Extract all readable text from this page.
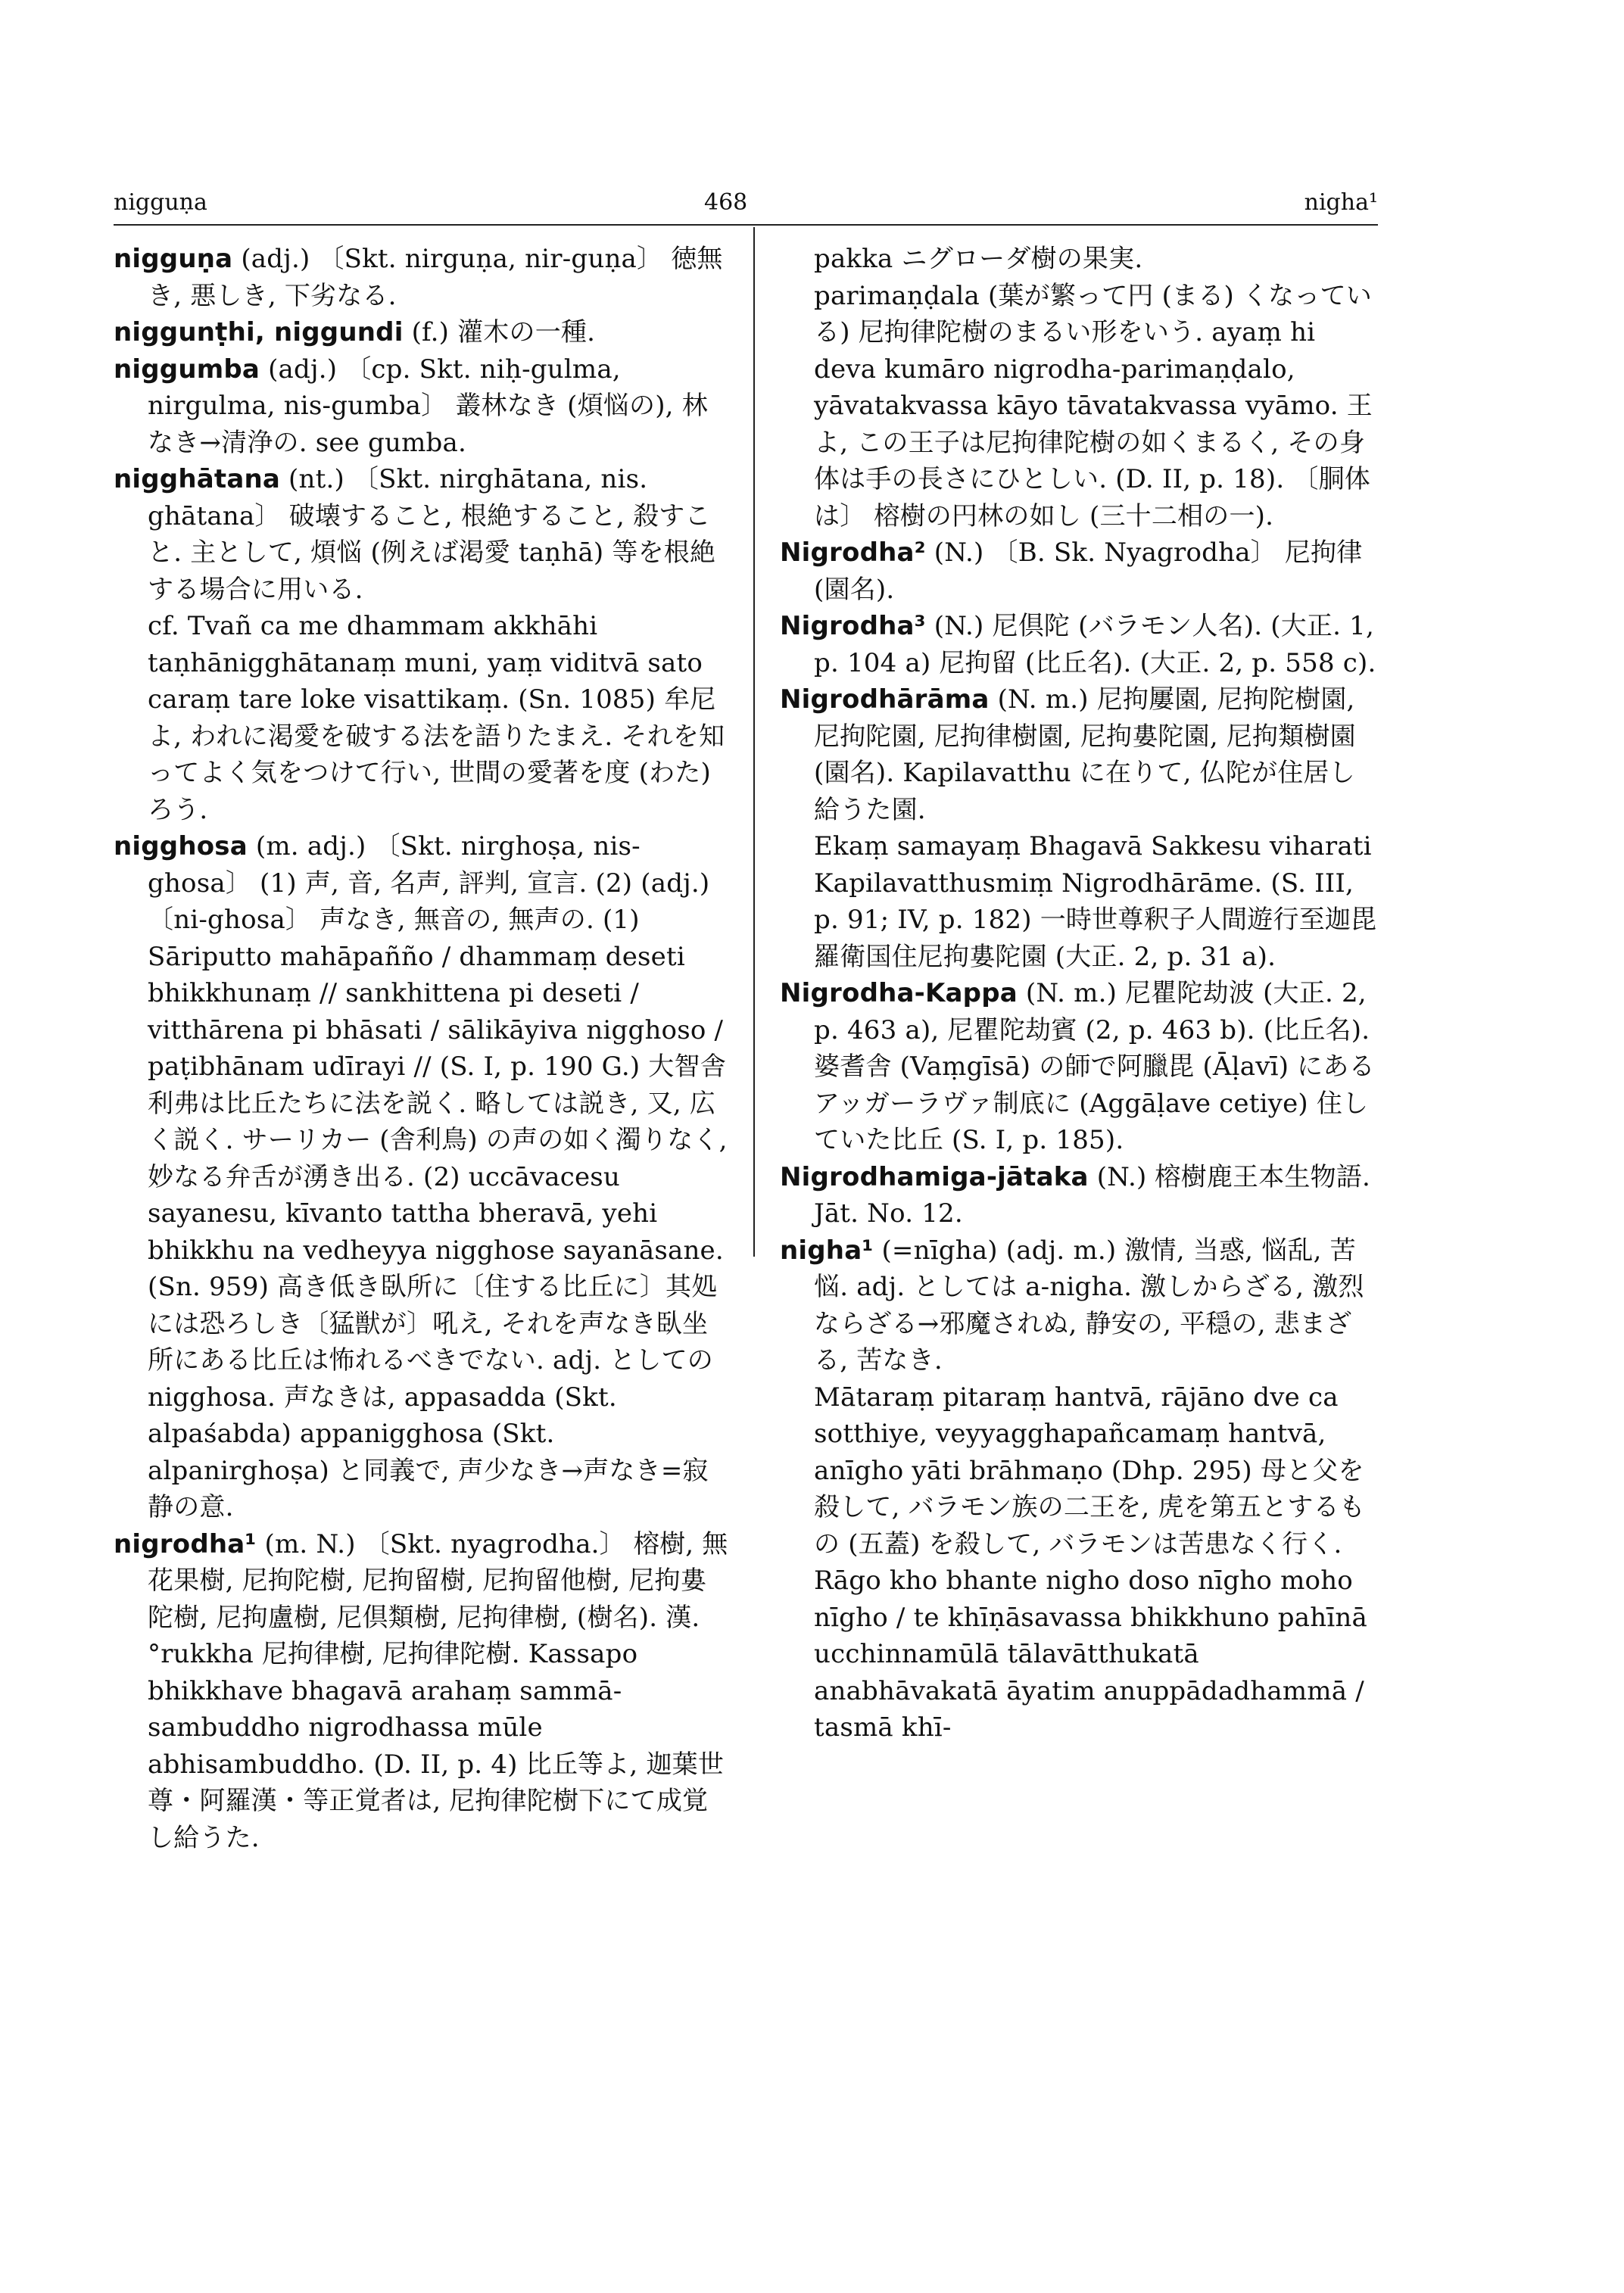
nigguṇa	468	nigha¹

nigguṇa (adj.) 〔Skt. nirguṇa, nir-guṇa〕 徳無き, 悪しき, 下劣なる.

niggunṭhi, niggundi (f.) 灌木の一種.

niggumba (adj.) 〔cp. Skt. niḥ-gulma, nirgulma, nis-gumba〕 叢林なき (煩悩の), 林なき→清浄の. see gumba.

nigghātana (nt.) 〔Skt. nirghātana, nis. ghātana〕 破壊すること, 根絶すること, 殺すこと. 主として, 煩悩 (例えば渇愛 taṇhā) 等を根絶する場合に用いる.

cf. Tvañ ca me dhammam akkhāhi taṇhānigghātanaṃ muni, yaṃ viditvā sato caraṃ tare loke visattikaṃ. (Sn. 1085) 牟尼よ, われに渇愛を破する法を語りたまえ. それを知ってよく気をつけて行い, 世間の愛著を度 (わた) ろう.

nigghosa (m. adj.) 〔Skt. nirghoṣa, nis-ghosa〕 (1) 声, 音, 名声, 評判, 宣言. (2) (adj.) 〔ni-ghosa〕 声なき, 無音の, 無声の. (1) Sāriputto mahāpañño / dhammaṃ deseti bhikkhunaṃ // sankhittena pi deseti / vitthārena pi bhāsati / sālikāyiva nigghoso / paṭibhānam udīrayi // (S. I, p. 190 G.) 大智舎利弗は比丘たちに法を説く. 略しては説き, 又, 広く説く. サーリカー (舎利鳥) の声の如く濁りなく, 妙なる弁舌が湧き出る. (2) uccāvacesu sayanesu, kīvanto tattha bheravā, yehi bhikkhu na vedheyya nigghose sayanāsane. (Sn. 959) 高き低き臥所に〔住する比丘に〕其処には恐ろしき〔猛獣が〕吼え, それを声なき臥坐所にある比丘は怖れるべきでない. adj. としての nigghosa. 声なきは, appasadda (Skt. alpaśabda) appanigghosa (Skt. alpanirghoṣa) と同義で, 声少なき→声なき=寂静の意.

nigrodha¹ (m. N.) 〔Skt. nyagrodha.〕 榕樹, 無花果樹, 尼拘陀樹, 尼拘留樹, 尼拘留他樹, 尼拘婁陀樹, 尼拘盧樹, 尼倶類樹, 尼拘律樹, (樹名). 漢. °rukkha 尼拘律樹, 尼拘律陀樹. Kassapo bhikkhave bhagavā arahaṃ sammā-sambuddho nigrodhassa mūle abhisambuddho. (D. II, p. 4) 比丘等よ, 迦葉世尊・阿羅漢・等正覚者は, 尼拘律陀樹下にて成覚し給うた.

pakka ニグローダ樹の果実.

parimaṇḍala (葉が繁って円 (まる) くなっている) 尼拘律陀樹のまるい形をいう. ayaṃ hi deva kumāro nigrodha-parimaṇḍalo, yāvatakvassa kāyo tāvatakvassa vyāmo. 王よ, この王子は尼拘律陀樹の如くまるく, その身体は手の長さにひとしい. (D. II, p. 18). 〔胴体は〕 榕樹の円林の如し (三十二相の一).

Nigrodha² (N.) 〔B. Sk. Nyagrodha〕 尼拘律 (園名).

Nigrodha³ (N.) 尼倶陀 (バラモン人名). (大正. 1, p. 104 a) 尼拘留 (比丘名). (大正. 2, p. 558 c).

Nigrodhārāma (N. m.) 尼拘屢園, 尼拘陀樹園, 尼拘陀園, 尼拘律樹園, 尼拘婁陀園, 尼拘類樹園 (園名). Kapilavatthu に在りて, 仏陀が住居し給うた園.

Ekaṃ samayaṃ Bhagavā Sakkesu viharati Kapilavatthusmiṃ Nigrodhārāme. (S. III, p. 91; IV, p. 182) 一時世尊釈子人間遊行至迦毘羅衛国住尼拘婁陀園 (大正. 2, p. 31 a).

Nigrodha-Kappa (N. m.) 尼瞿陀劫波 (大正. 2, p. 463 a), 尼瞿陀劫賓 (2, p. 463 b). (比丘名). 婆耆舎 (Vaṃgīsā) の師で阿臘毘 (Āḷavī) にあるアッガーラヴァ制底に (Aggāḷave cetiye) 住していた比丘 (S. I, p. 185).

Nigrodhamiga-jātaka (N.) 榕樹鹿王本生物語. Jāt. No. 12.

nigha¹ (=nīgha) (adj. m.) 激情, 当惑, 悩乱, 苦悩. adj. としては a-nigha. 激しからざる, 激烈ならざる→邪魔されぬ, 静安の, 平穏の, 悲まざる, 苦なき.

Mātaraṃ pitaraṃ hantvā, rājāno dve ca sotthiye, veyyagghapañcamaṃ hantvā, anīgho yāti brāhmaṇo (Dhp. 295) 母と父を殺して, バラモン族の二王を, 虎を第五とするもの (五蓋) を殺して, バラモンは苦患なく行く.

Rāgo kho bhante nigho doso nīgho moho nīgho / te khīṇāsavassa bhikkhuno pahīnā ucchinnamūlā tālavātthukatā anabhāvakatā āyatim anuppādadhammā / tasmā khī-
